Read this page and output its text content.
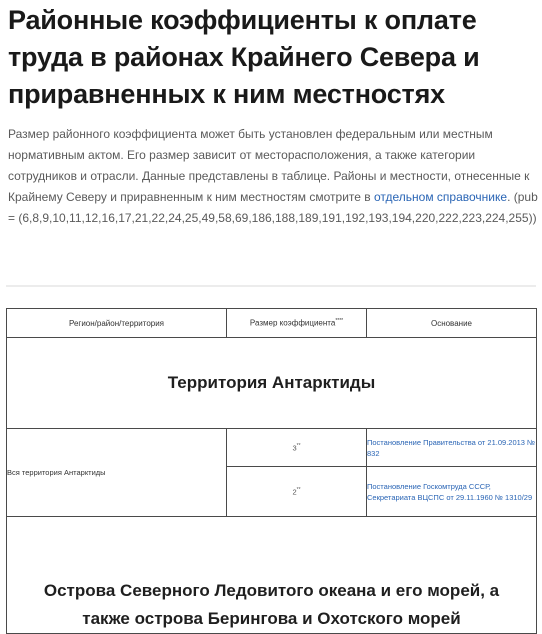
Районные коэффициенты к оплате труда в районах Крайнего Севера и приравненных к ним местностях

Размер районного коэффициента может быть установлен федеральным или местным нормативным актом. Его размер зависит от месторасположения, а также категории сотрудников и отрасли. Данные представлены в таблице. Районы и местности, отнесенные к Крайнему Северу и приравненным к ним местностям смотрите в отдельном справочнике. (pub = (6,8,9,10,11,12,16,17,21,22,24,25,49,58,69,186,188,189,191,192,193,194,220,222,223,224,255))

Регион/район/территория	Размер коэффициента****	Основание

Территория Антарктиды		

Вся территория Антарктиды	3**	Постановление Правительства от 21.09.2013 № 832
	2**	Постановление Госкомтруда СССР, Секретариата ВЦСПС от 29.11.1960 № 1310/29

Острова Северного Ледовитого океана и его морей, а также острова Берингова и Охотского морей		
